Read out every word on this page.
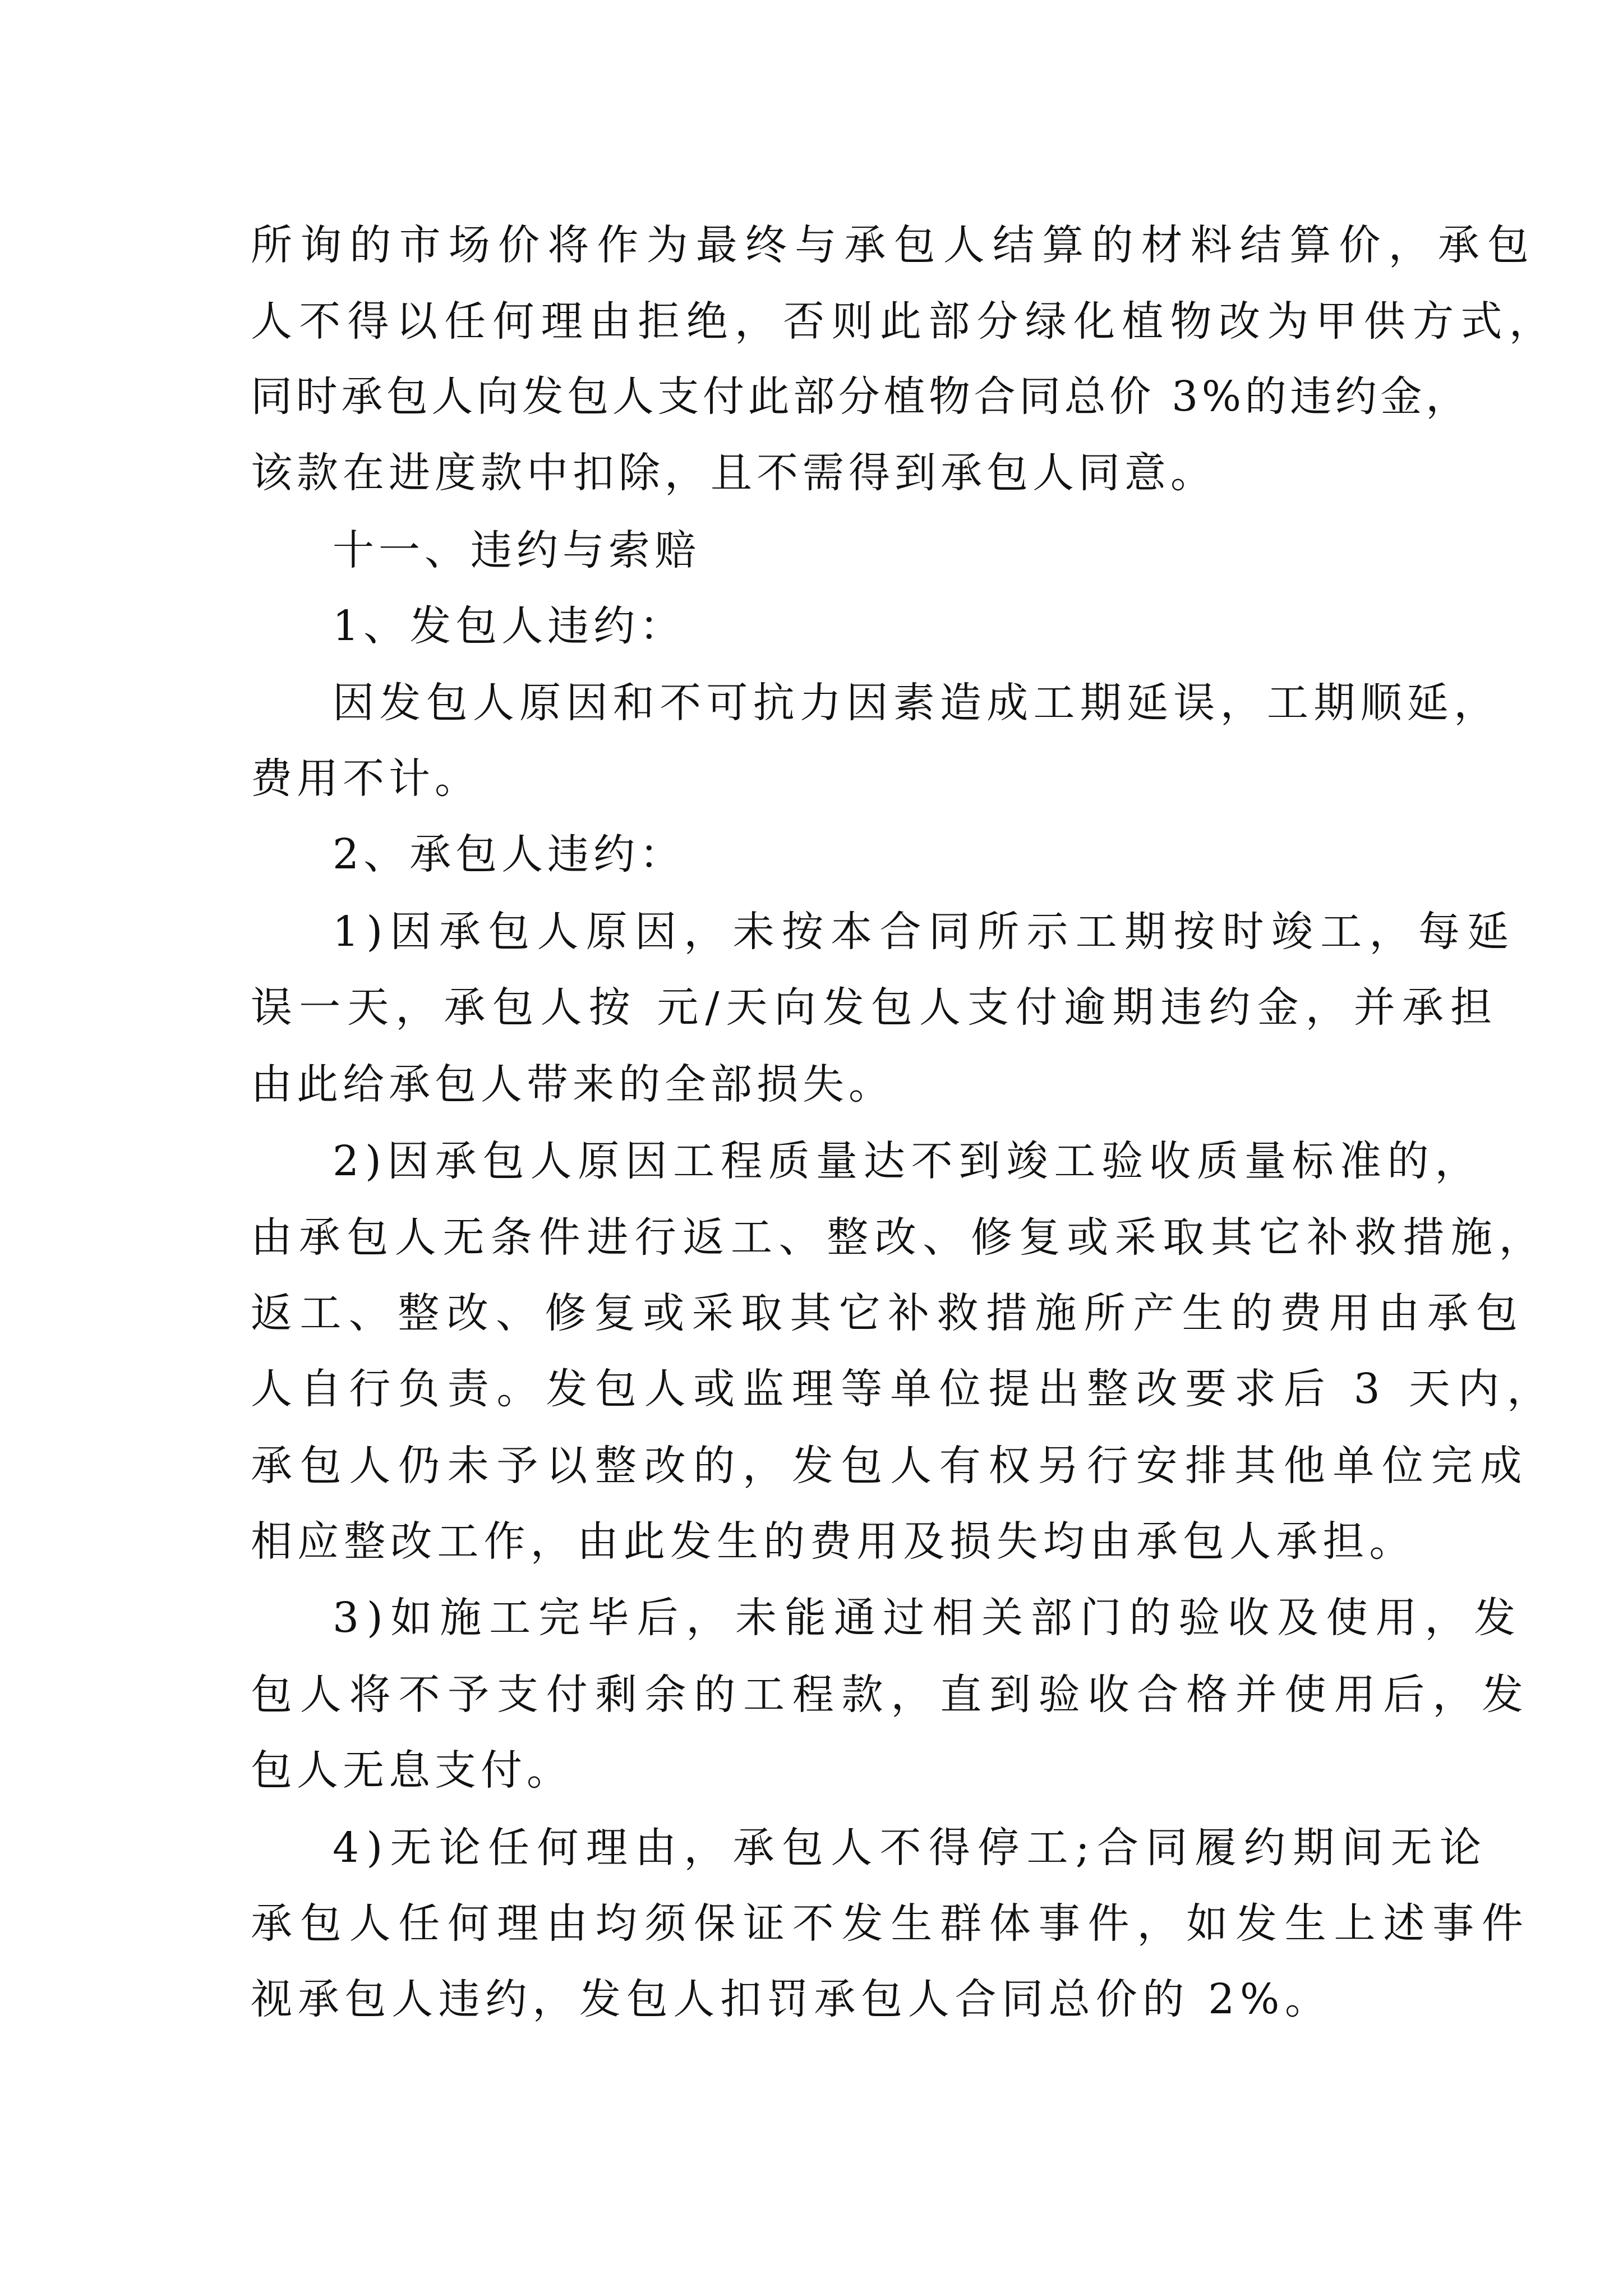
所询的市场价将作为最终与承包人结算的材料结算价，承包
人不得以任何理由拒绝，否则此部分绿化植物改为甲供方式，
同时承包人向发包人支付此部分植物合同总价 3%的违约金，
该款在进度款中扣除，且不需得到承包人同意。
十一、违约与索赔
1、发包人违约：
因发包人原因和不可抗力因素造成工期延误，工期顺延，
费用不计。
2、承包人违约：
1)因承包人原因，未按本合同所示工期按时竣工，每延
误一天，承包人按 元/天向发包人支付逾期违约金，并承担
由此给承包人带来的全部损失。
2)因承包人原因工程质量达不到竣工验收质量标准的，
由承包人无条件进行返工、整改、修复或采取其它补救措施，
返工、整改、修复或采取其它补救措施所产生的费用由承包
人自行负责。发包人或监理等单位提出整改要求后 3 天内，
承包人仍未予以整改的，发包人有权另行安排其他单位完成
相应整改工作，由此发生的费用及损失均由承包人承担。
3)如施工完毕后，未能通过相关部门的验收及使用，发
包人将不予支付剩余的工程款，直到验收合格并使用后，发
包人无息支付。
4)无论任何理由，承包人不得停工;合同履约期间无论
承包人任何理由均须保证不发生群体事件，如发生上述事件
视承包人违约，发包人扣罚承包人合同总价的 2%。
